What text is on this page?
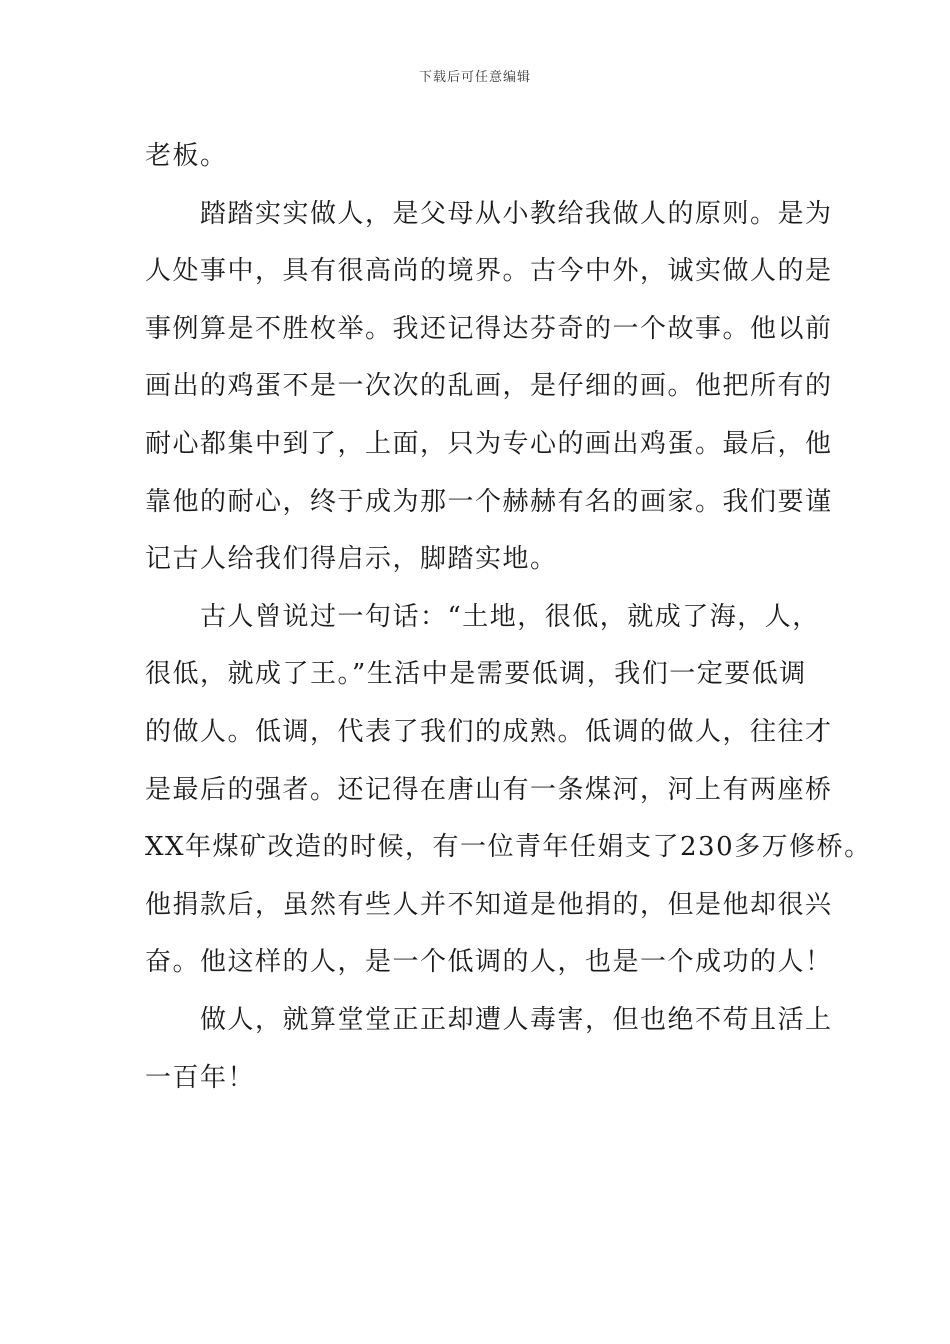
下载后可任意编辑
老板。
踏踏实实做人，是父母从小教给我做人的原则。是为
人处事中，具有很高尚的境界。古今中外，诚实做人的是
事例算是不胜枚举。我还记得达芬奇的一个故事。他以前
画出的鸡蛋不是一次次的乱画，是仔细的画。他把所有的
耐心都集中到了，上面，只为专心的画出鸡蛋。最后，他
靠他的耐心，终于成为那一个赫赫有名的画家。我们要谨
记古人给我们得启示，脚踏实地。
古人曾说过一句话：“土地，很低，就成了海，人，
很低，就成了王。”生活中是需要低调，我们一定要低调
的做人。低调，代表了我们的成熟。低调的做人，往往才
是最后的强者。还记得在唐山有一条煤河，河上有两座桥
XX年煤矿改造的时候，有一位青年任娟支了230多万修桥。
他捐款后，虽然有些人并不知道是他捐的，但是他却很兴
奋。他这样的人，是一个低调的人，也是一个成功的人！
做人，就算堂堂正正却遭人毒害，但也绝不苟且活上
一百年！
